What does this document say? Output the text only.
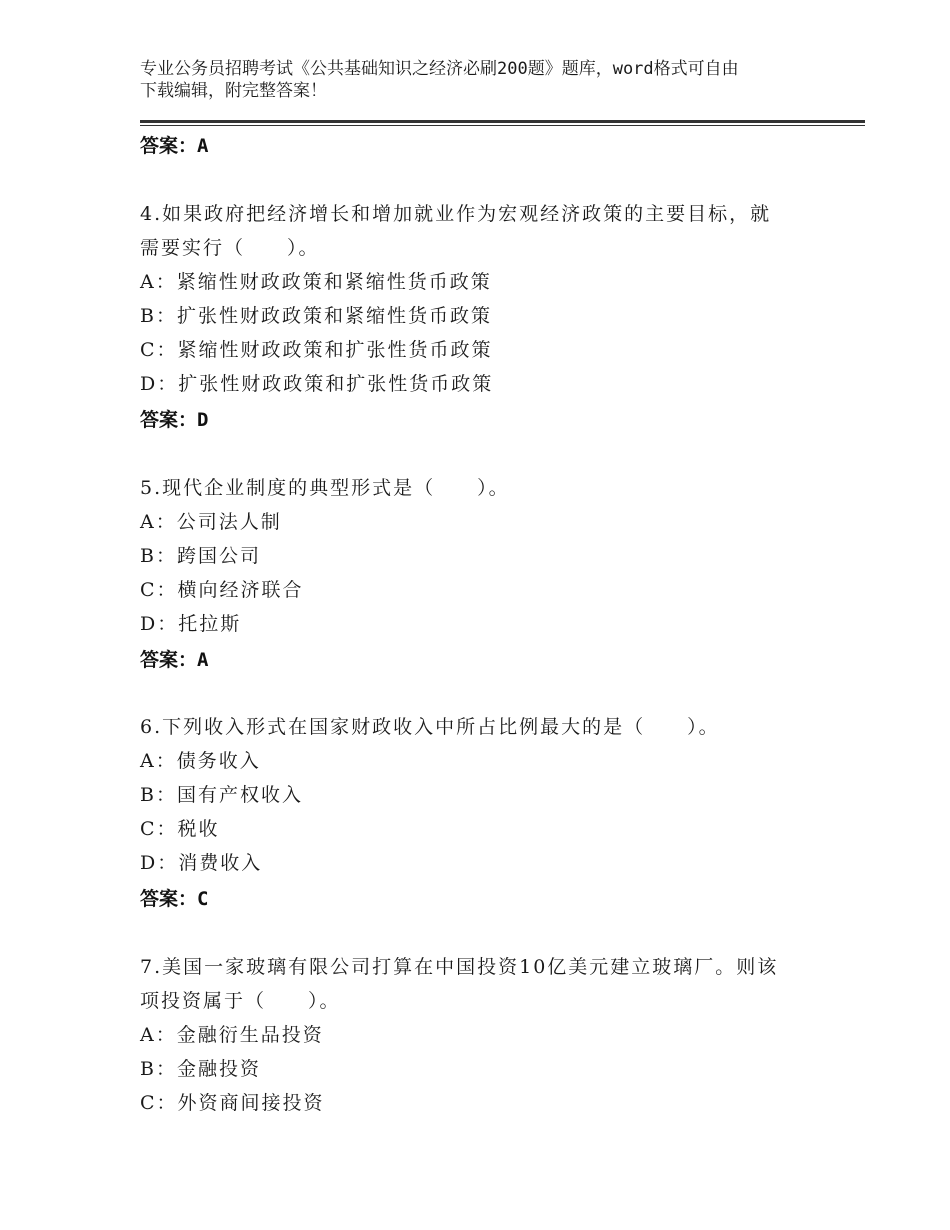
专业公务员招聘考试《公共基础知识之经济必刷200题》题库，word格式可自由
下载编辑，附完整答案！
答案：A
4.如果政府把经济增长和增加就业作为宏观经济政策的主要目标，就
需要实行（　　）。
A：紧缩性财政政策和紧缩性货币政策
B：扩张性财政政策和紧缩性货币政策
C：紧缩性财政政策和扩张性货币政策
D：扩张性财政政策和扩张性货币政策
答案：D
5.现代企业制度的典型形式是（　　）。
A：公司法人制
B：跨国公司
C：横向经济联合
D：托拉斯
答案：A
6.下列收入形式在国家财政收入中所占比例最大的是（　　）。
A：债务收入
B：国有产权收入
C：税收
D：消费收入
答案：C
7.美国一家玻璃有限公司打算在中国投资10亿美元建立玻璃厂。则该
项投资属于（　　）。
A：金融衍生品投资
B：金融投资
C：外资商间接投资
